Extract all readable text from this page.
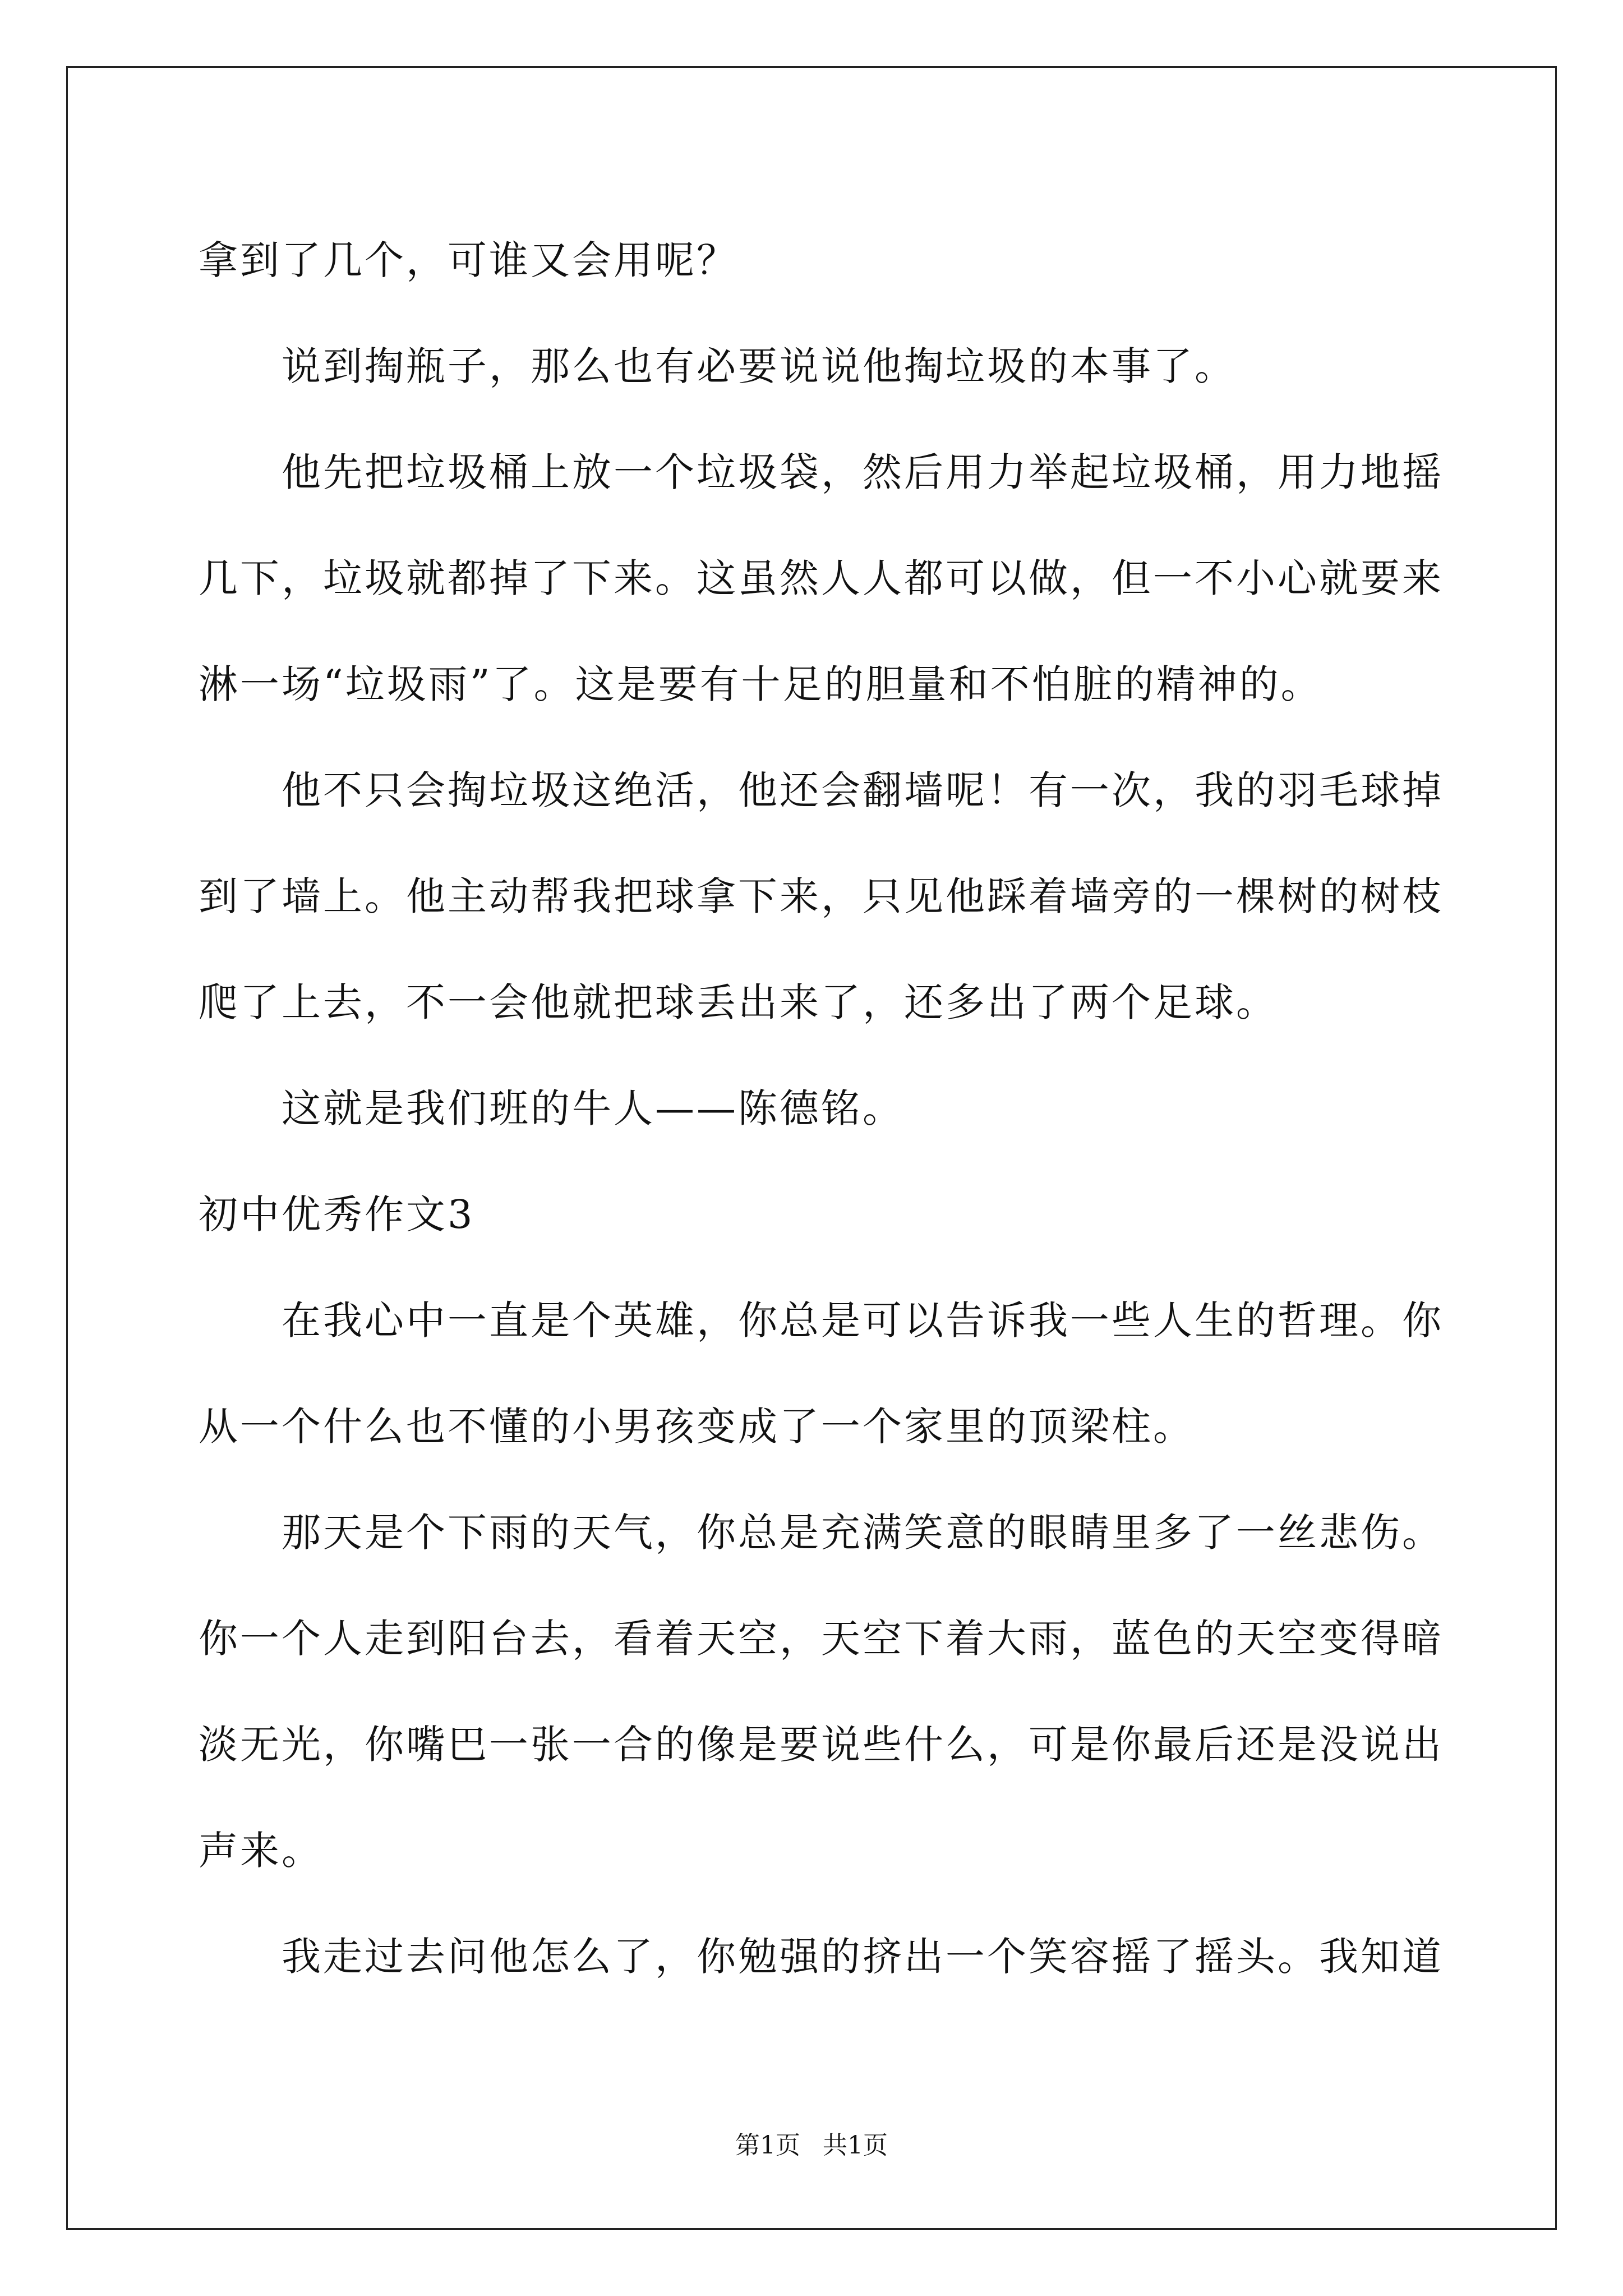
拿到了几个，可谁又会用呢？
说到掏瓶子，那么也有必要说说他掏垃圾的本事了。
他先把垃圾桶上放一个垃圾袋，然后用力举起垃圾桶，用力地摇
几下，垃圾就都掉了下来。这虽然人人都可以做，但一不小心就要来
淋一场“垃圾雨”了。这是要有十足的胆量和不怕脏的精神的。
他不只会掏垃圾这绝活，他还会翻墙呢！有一次，我的羽毛球掉
到了墙上。他主动帮我把球拿下来，只见他踩着墙旁的一棵树的树枝
爬了上去，不一会他就把球丢出来了，还多出了两个足球。
这就是我们班的牛人——陈德铭。
初中优秀作文3
在我心中一直是个英雄，你总是可以告诉我一些人生的哲理。你
从一个什么也不懂的小男孩变成了一个家里的顶梁柱。
那天是个下雨的天气，你总是充满笑意的眼睛里多了一丝悲伤。
你一个人走到阳台去，看着天空，天空下着大雨，蓝色的天空变得暗
淡无光，你嘴巴一张一合的像是要说些什么，可是你最后还是没说出
声来。
我走过去问他怎么了，你勉强的挤出一个笑容摇了摇头。我知道
第1页 共1页
